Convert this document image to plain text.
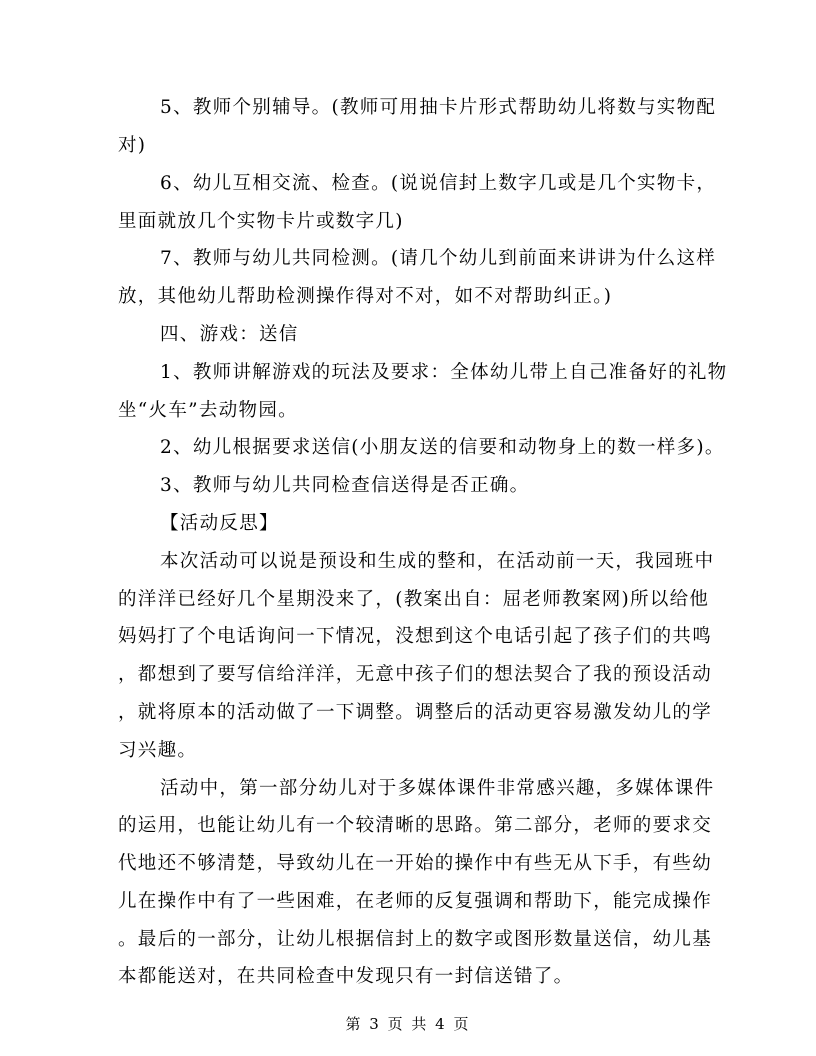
5、教师个别辅导。(教师可用抽卡片形式帮助幼儿将数与实物配
对)
6、幼儿互相交流、检查。(说说信封上数字几或是几个实物卡，
里面就放几个实物卡片或数字几)
7、教师与幼儿共同检测。(请几个幼儿到前面来讲讲为什么这样
放，其他幼儿帮助检测操作得对不对，如不对帮助纠正。)
四、游戏：送信
1、教师讲解游戏的玩法及要求：全体幼儿带上自己准备好的礼物
坐“火车”去动物园。
2、幼儿根据要求送信(小朋友送的信要和动物身上的数一样多)。
3、教师与幼儿共同检查信送得是否正确。
【活动反思】
本次活动可以说是预设和生成的整和，在活动前一天，我园班中
的洋洋已经好几个星期没来了，(教案出自：屈老师教案网)所以给他
妈妈打了个电话询问一下情况，没想到这个电话引起了孩子们的共鸣
，都想到了要写信给洋洋，无意中孩子们的想法契合了我的预设活动
，就将原本的活动做了一下调整。调整后的活动更容易激发幼儿的学
习兴趣。
活动中，第一部分幼儿对于多媒体课件非常感兴趣，多媒体课件
的运用，也能让幼儿有一个较清晰的思路。第二部分，老师的要求交
代地还不够清楚，导致幼儿在一开始的操作中有些无从下手，有些幼
儿在操作中有了一些困难，在老师的反复强调和帮助下，能完成操作
。最后的一部分，让幼儿根据信封上的数字或图形数量送信，幼儿基
本都能送对，在共同检查中发现只有一封信送错了。
第 3 页 共 4 页
